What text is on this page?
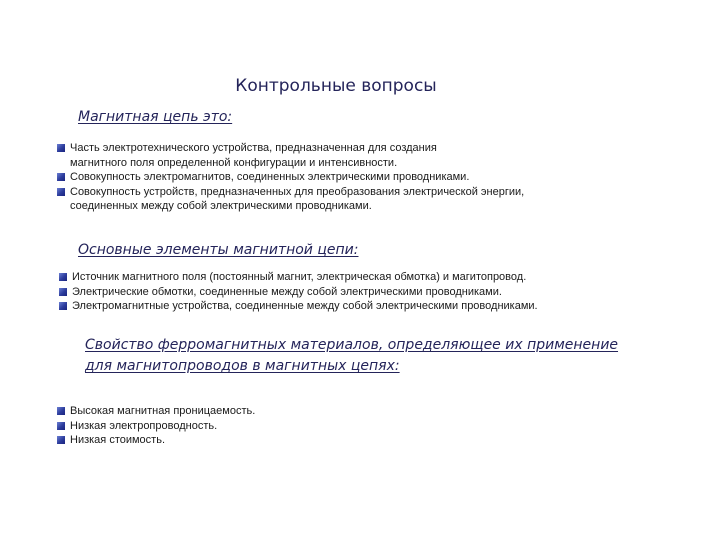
Контрольные вопросы
Магнитная цепь это:
Часть электротехнического устройства, предназначенная для создания
магнитного поля определенной конфигурации и интенсивности.
Совокупность электромагнитов, соединенных электрическими проводниками.
Совокупность устройств, предназначенных для преобразования электрической энергии,
соединенных между собой электрическими проводниками.
Основные элементы магнитной цепи:
Источник магнитного поля (постоянный магнит, электрическая обмотка) и магитопровод.
Электрические обмотки, соединенные между собой электрическими проводниками.
Электромагнитные устройства, соединенные между собой электрическими проводниками.
Свойство ферромагнитных материалов, определяющее их применение
для магнитопроводов в магнитных цепях:
Высокая магнитная проницаемость.
Низкая электропроводность.
Низкая стоимость.
